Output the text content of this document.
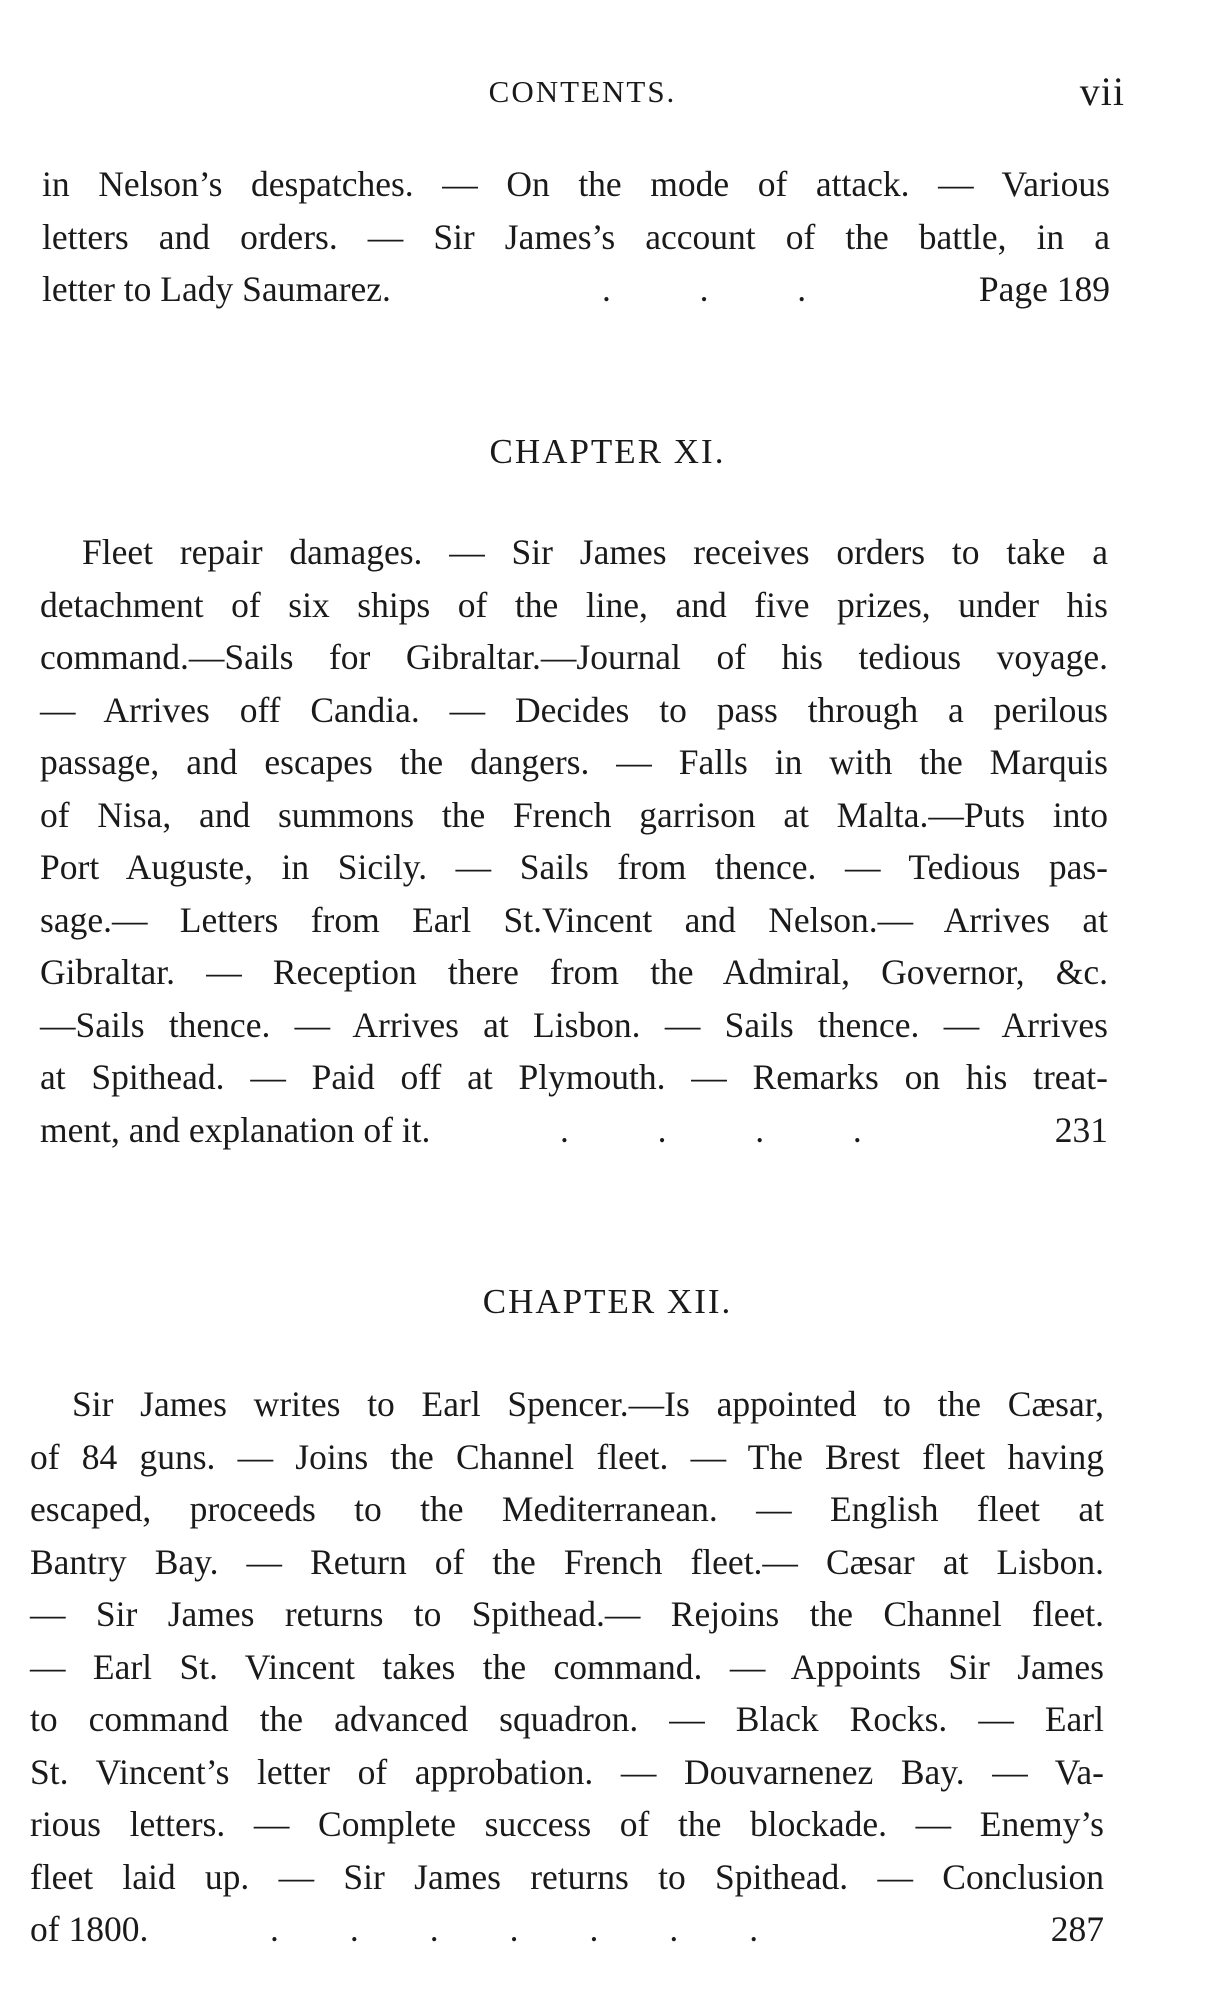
CONTENTS.	vii

in Nelson’s despatches. — On the mode of attack. — Various
letters and orders. — Sir James’s account of the battle, in a
letter to Lady Saumarez.	.          .          .	Page 189

CHAPTER XI.

Fleet repair damages. — Sir James receives orders to take a
detachment of six ships of the line, and five prizes, under his
command.—Sails for Gibraltar.—Journal of his tedious voyage.
— Arrives off Candia. — Decides to pass through a perilous
passage, and escapes the dangers. — Falls in with the Marquis
of Nisa, and summons the French garrison at Malta.—Puts into
Port Auguste, in Sicily. — Sails from thence. — Tedious pas-
sage.— Letters from Earl St.Vincent and Nelson.— Arrives at
Gibraltar. — Reception there from the Admiral, Governor, &c.
—Sails thence. — Arrives at Lisbon. — Sails thence. — Arrives
at Spithead. — Paid off at Plymouth. — Remarks on his treat-
ment, and explanation of it.	.          .          .          .	231

CHAPTER XII.

Sir James writes to Earl Spencer.—Is appointed to the Cæsar,
of 84 guns. — Joins the Channel fleet. — The Brest fleet having
escaped, proceeds to the Mediterranean. — English fleet at
Bantry Bay. — Return of the French fleet.— Cæsar at Lisbon.
— Sir James returns to Spithead.— Rejoins the Channel fleet.
— Earl St. Vincent takes the command. — Appoints Sir James
to command the advanced squadron. — Black Rocks. — Earl
St. Vincent’s letter of approbation. — Douvarnenez Bay. — Va-
rious letters. — Complete success of the blockade. — Enemy’s
fleet laid up. — Sir James returns to Spithead. — Conclusion
of 1800.	.        .        .        .        .        .        .	287
